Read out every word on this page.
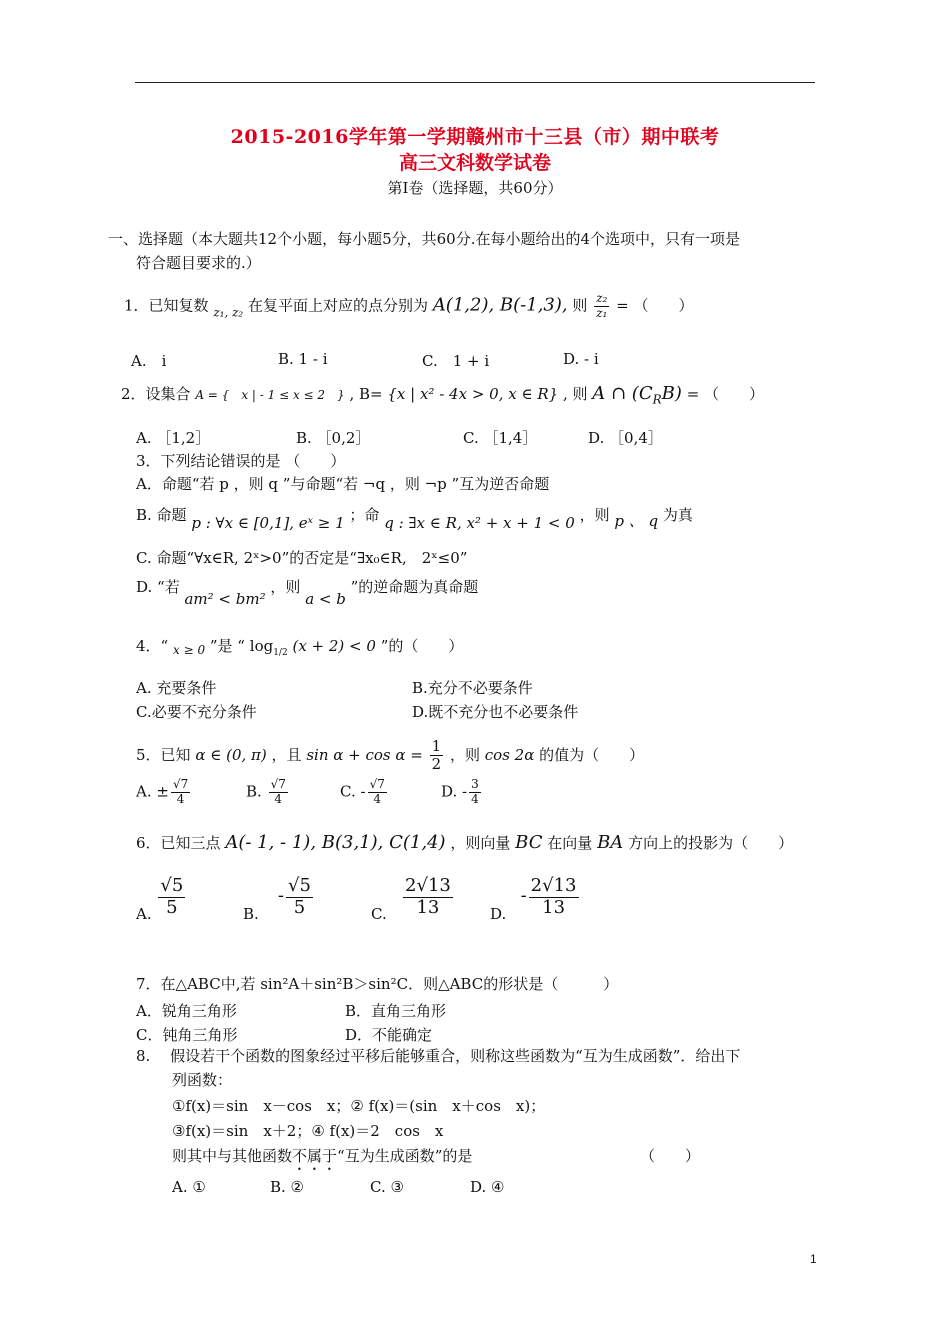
2015-2016学年第一学期赣州市十三县（市）期中联考
高三文科数学试卷
第Ⅰ卷（选择题，共60分）
一、选择题（本大题共12个小题，每小题5分，共60分.在每小题给出的4个选项中，只有一项是
符合题目要求的.）
1．已知复数 $_{z_1, z_2}$ 在复平面上对应的点分别为 A(1,2), B(-1,3), 则 $\frac{\text{z₂}}{\text{z₁}}$ = （　　）
A.　i	B. 1 - i	C.　1 + i	D. - i
2．设集合 A = {　x | - 1 ≤ x ≤ 2　} , B= {x | x² - 4x > 0, x ∈ R} , 则 A ∩ $(C_RB)$ = （　　）
A. ［1,2］	B. ［0,2］	C. ［1,4］	D. ［0,4］
3．下列结论错误的是 （　　）
A．命题“若 p ，则 q ”与命题“若 ¬q ，则 ¬p ”互为逆否命题
B. 命题 p : ∀x ∈ [0,1], eˣ ≥ 1 ；命 q : ∃x ∈ R, x² + x + 1 < 0 ，则 p 、 q 为真
C. 命题“∀x∈R, 2ˣ>0”的否定是“∃x₀∈R,　2ˣ≤0”
D. “若 am² < bm² ，则 a < b ”的逆命题为真命题
4．“ $_{x \ge 0}$ ”是 “ $\log_{1/2} (x + 2) < 0$ ”的（　　）
A. 充要条件	B.充分不必要条件
C.必要不充分条件	D.既不充分也不必要条件
5．已知 α ∈ (0, π) ，且 $\sin \alpha + \cos \alpha = \frac{1}{2}$ ，则 cos 2α 的值为（　　）
A. ± $\frac{√7}{4}$	B. $\frac{√7}{4}$	C. - $\frac{√7}{4}$	D. - $\frac{3}{4}$
6．已知三点 A(- 1, - 1), B(3,1), C(1,4) ，则向量 BC 在向量 BA 方向上的投影为（　　）
A. $\frac{√5}{5}$	B.    - $\frac{√5}{5}$	C. $\frac{2√13}{13} D$.   - $\frac{2√13}{13}$
7．在△ABC中,若 sin²A＋sin²B＞sin²C．则△ABC的形状是（　　　）
A．锐角三角形	B．直角三角形
C．钝角三角形	D．不能确定
8.　 假设若干个函数的图象经过平移后能够重合，则称这些函数为“互为生成函数”．给出下
列函数：
①f(x)＝sin　x－cos　x；② f(x)＝(sin　x＋cos　x)；
③f(x)＝sin　x＋2；④ f(x)＝2　cos　x
则其中与其他函数不属于“互为生成函数”的是	（　　）
A. ①	B. ②	C. ③	D. ④
1
